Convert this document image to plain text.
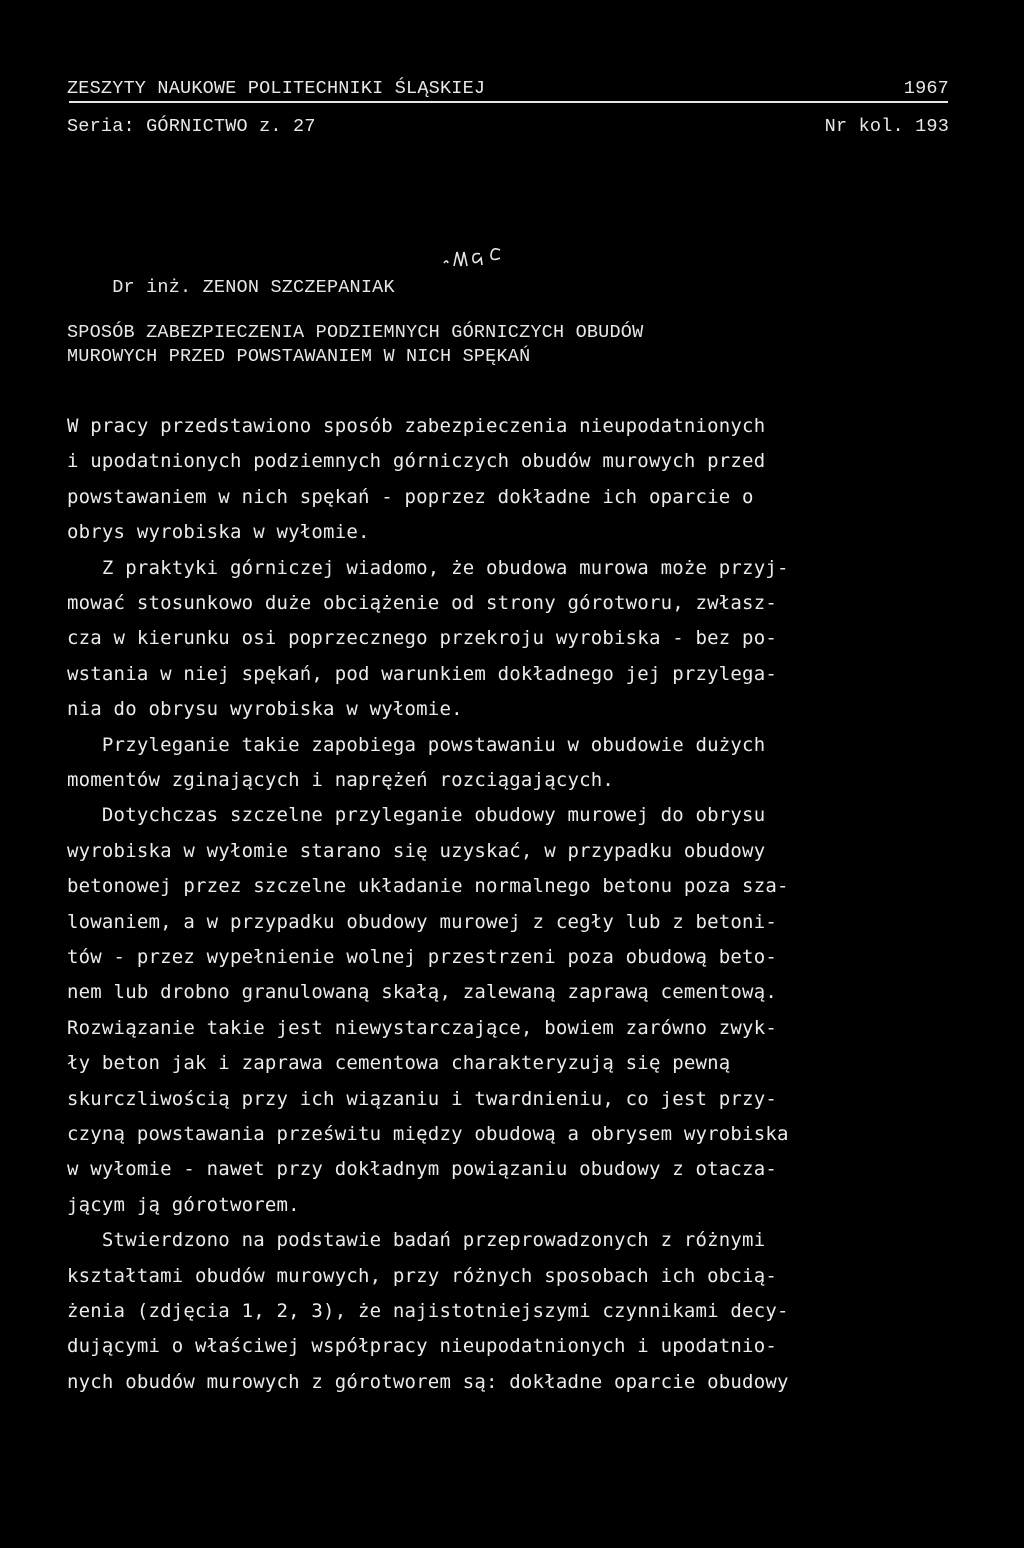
ZESZYTY NAUKOWE POLITECHNIKI ŚLĄSKIEJ	1967
Seria: GÓRNICTWO z. 27	Nr kol. 193

Dr inż. ZENON SZCZEPANIAK

SPOSÓB ZABEZPIECZENIA PODZIEMNYCH GÓRNICZYCH OBUDÓW
MUROWYCH PRZED POWSTAWANIEM W NICH SPĘKAŃ
W pracy przedstawiono sposób zabezpieczenia nieupodatnionych
i upodatnionych podziemnych górniczych obudów murowych przed
powstawaniem w nich spękań - poprzez dokładne ich oparcie o
obrys wyrobiska w wyłomie.
Z praktyki górniczej wiadomo, że obudowa murowa może przyj-
mować stosunkowo duże obciążenie od strony górotworu, zwłasz-
cza w kierunku osi poprzecznego przekroju wyrobiska - bez po-
wstania w niej spękań, pod warunkiem dokładnego jej przylega-
nia do obrysu wyrobiska w wyłomie.
Przyleganie takie zapobiega powstawaniu w obudowie dużych
momentów zginających i naprężeń rozciągających.
Dotychczas szczelne przyleganie obudowy murowej do obrysu
wyrobiska w wyłomie starano się uzyskać, w przypadku obudowy
betonowej przez szczelne układanie normalnego betonu poza sza-
lowaniem, a w przypadku obudowy murowej z cegły lub z betoni-
tów - przez wypełnienie wolnej przestrzeni poza obudową beto-
nem lub drobno granulowaną skałą, zalewaną zaprawą cementową.
Rozwiązanie takie jest niewystarczające, bowiem zarówno zwyk-
ły beton jak i zaprawa cementowa charakteryzują się pewną
skurczliwością przy ich wiązaniu i twardnieniu, co jest przy-
czyną powstawania prześwitu między obudową a obrysem wyrobiska
w wyłomie - nawet przy dokładnym powiązaniu obudowy z otacza-
jącym ją górotworem.
Stwierdzono na podstawie badań przeprowadzonych z różnymi
kształtami obudów murowych, przy różnych sposobach ich obcią-
żenia (zdjęcia 1, 2, 3), że najistotniejszymi czynnikami decy-
dującymi o właściwej współpracy nieupodatnionych i upodatnio-
nych obudów murowych z górotworem są: dokładne oparcie obudowy
